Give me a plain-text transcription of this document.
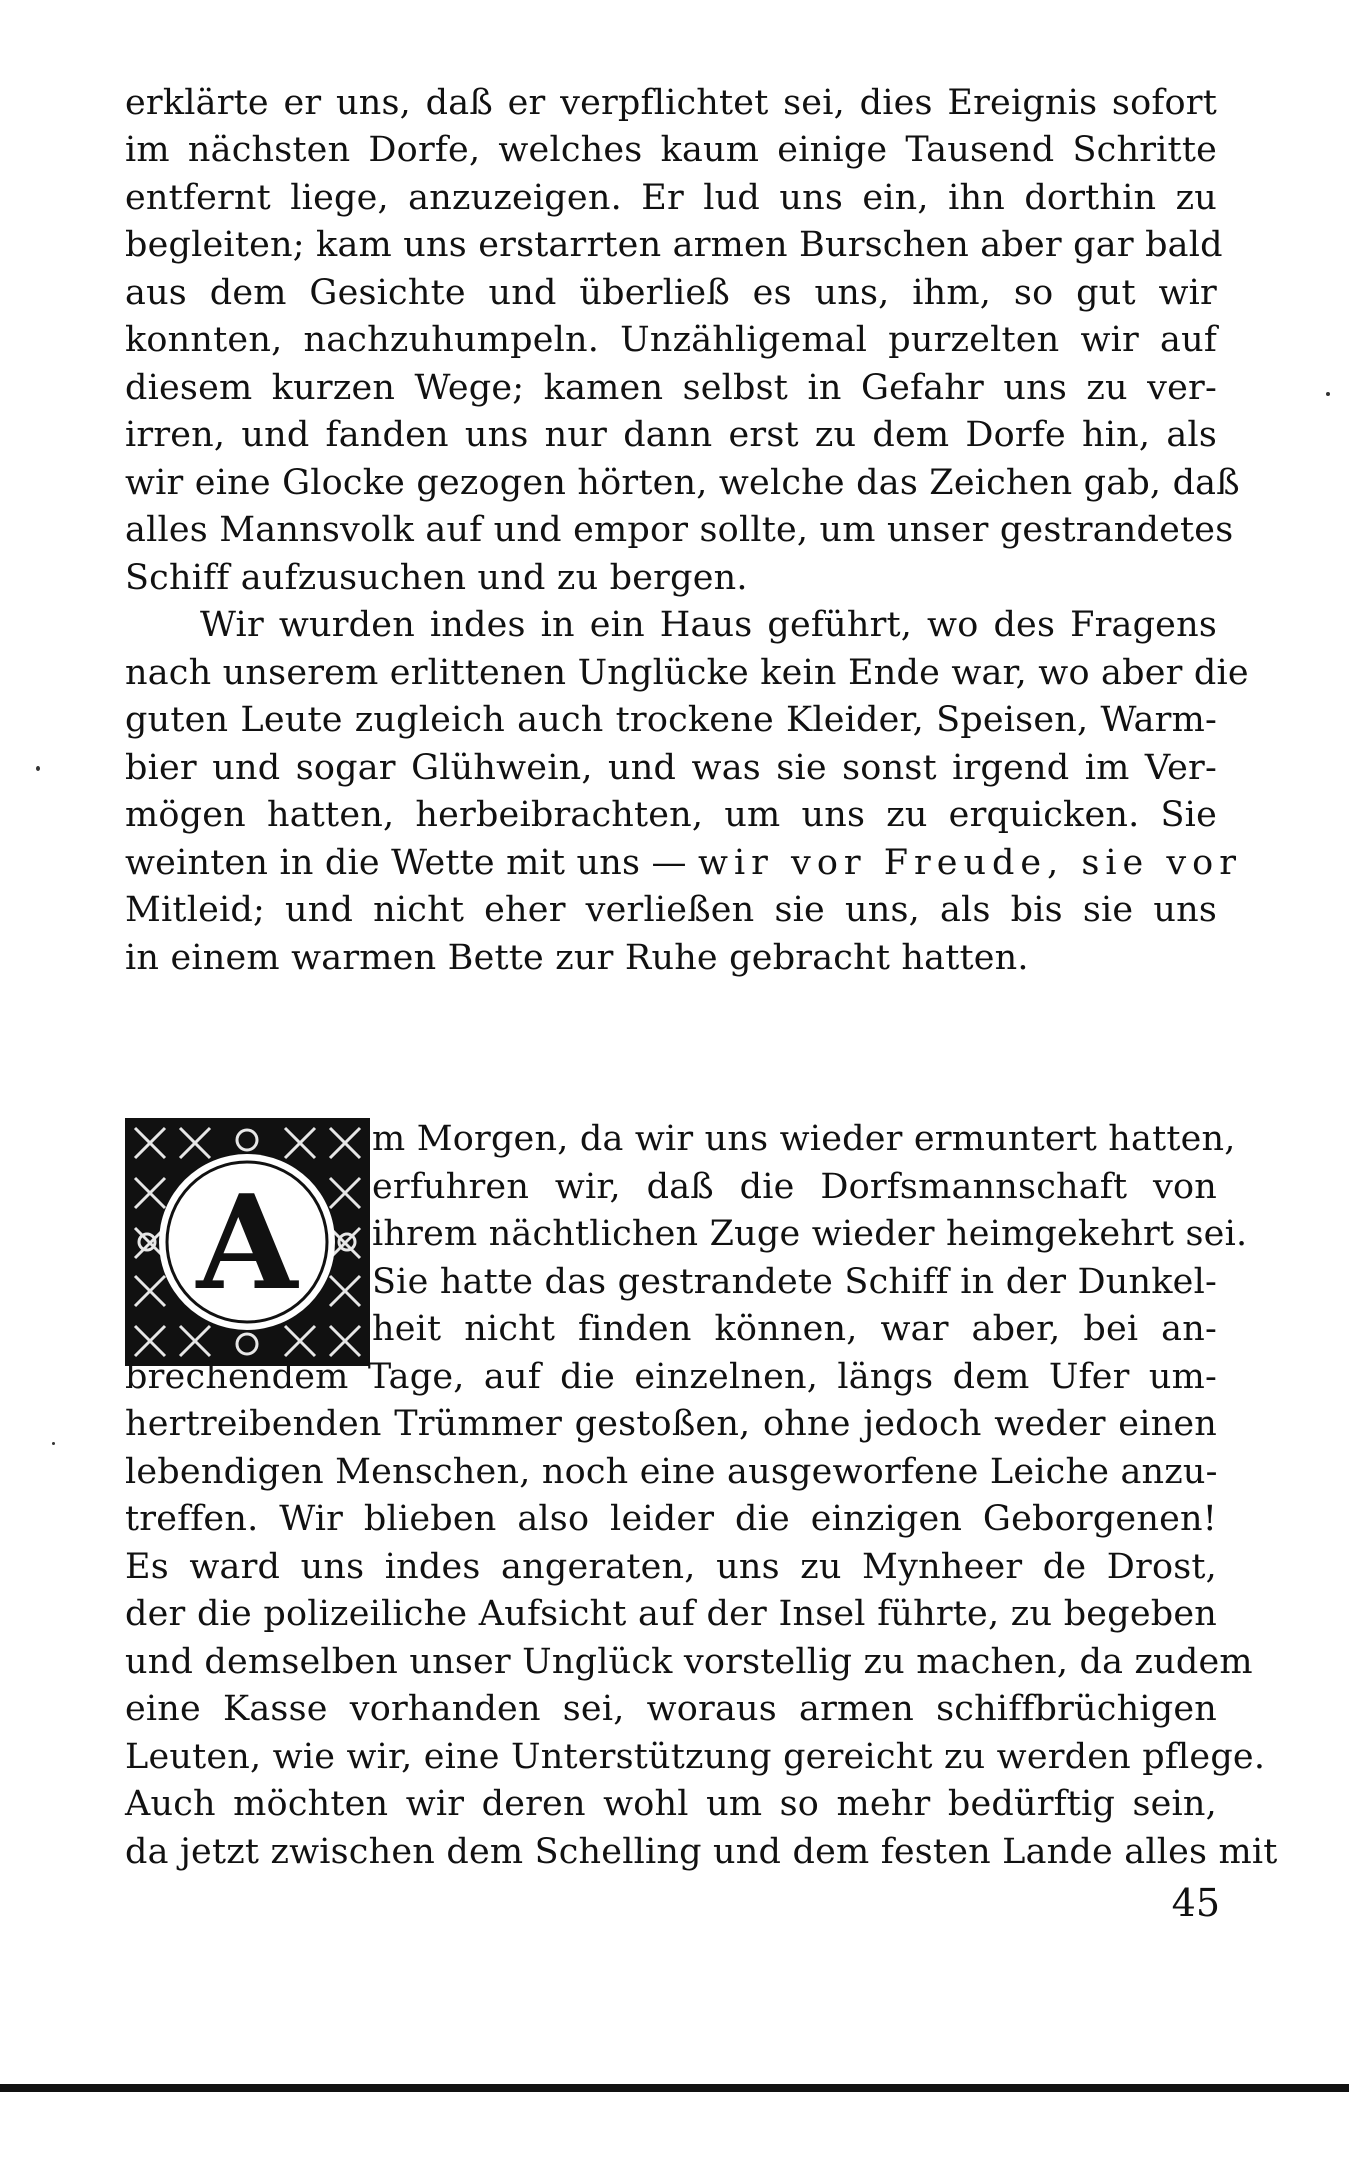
erklärte er uns, daß er verpflichtet sei, dies Ereignis sofort
im nächsten Dorfe, welches kaum einige Tausend Schritte
entfernt liege, anzuzeigen. Er lud uns ein, ihn dorthin zu
begleiten; kam uns erstarrten armen Burschen aber gar bald
aus dem Gesichte und überließ es uns, ihm, so gut wir
konnten, nachzuhumpeln. Unzähligemal purzelten wir auf
diesem kurzen Wege; kamen selbst in Gefahr uns zu ver-
irren, und fanden uns nur dann erst zu dem Dorfe hin, als
wir eine Glocke gezogen hörten, welche das Zeichen gab, daß
alles Mannsvolk auf und empor sollte, um unser gestrandetes
Schiff aufzusuchen und zu bergen.
Wir wurden indes in ein Haus geführt, wo des Fragens
nach unserem erlittenen Unglücke kein Ende war, wo aber die
guten Leute zugleich auch trockene Kleider, Speisen, Warm-
bier und sogar Glühwein, und was sie sonst irgend im Ver-
mögen hatten, herbeibrachten, um uns zu erquicken. Sie
weinten in die Wette mit uns — wir vor Freude, sie vor
Mitleid; und nicht eher verließen sie uns, als bis sie uns
in einem warmen Bette zur Ruhe gebracht hatten.
A
m Morgen, da wir uns wieder ermuntert hatten,
erfuhren wir, daß die Dorfsmannschaft von
ihrem nächtlichen Zuge wieder heimgekehrt sei.
Sie hatte das gestrandete Schiff in der Dunkel-
heit nicht finden können, war aber, bei an-
brechendem Tage, auf die einzelnen, längs dem Ufer um-
hertreibenden Trümmer gestoßen, ohne jedoch weder einen
lebendigen Menschen, noch eine ausgeworfene Leiche anzu-
treffen. Wir blieben also leider die einzigen Geborgenen!
Es ward uns indes angeraten, uns zu Mynheer de Drost,
der die polizeiliche Aufsicht auf der Insel führte, zu begeben
und demselben unser Unglück vorstellig zu machen, da zudem
eine Kasse vorhanden sei, woraus armen schiffbrüchigen
Leuten, wie wir, eine Unterstützung gereicht zu werden pflege.
Auch möchten wir deren wohl um so mehr bedürftig sein,
da jetzt zwischen dem Schelling und dem festen Lande alles mit
45
